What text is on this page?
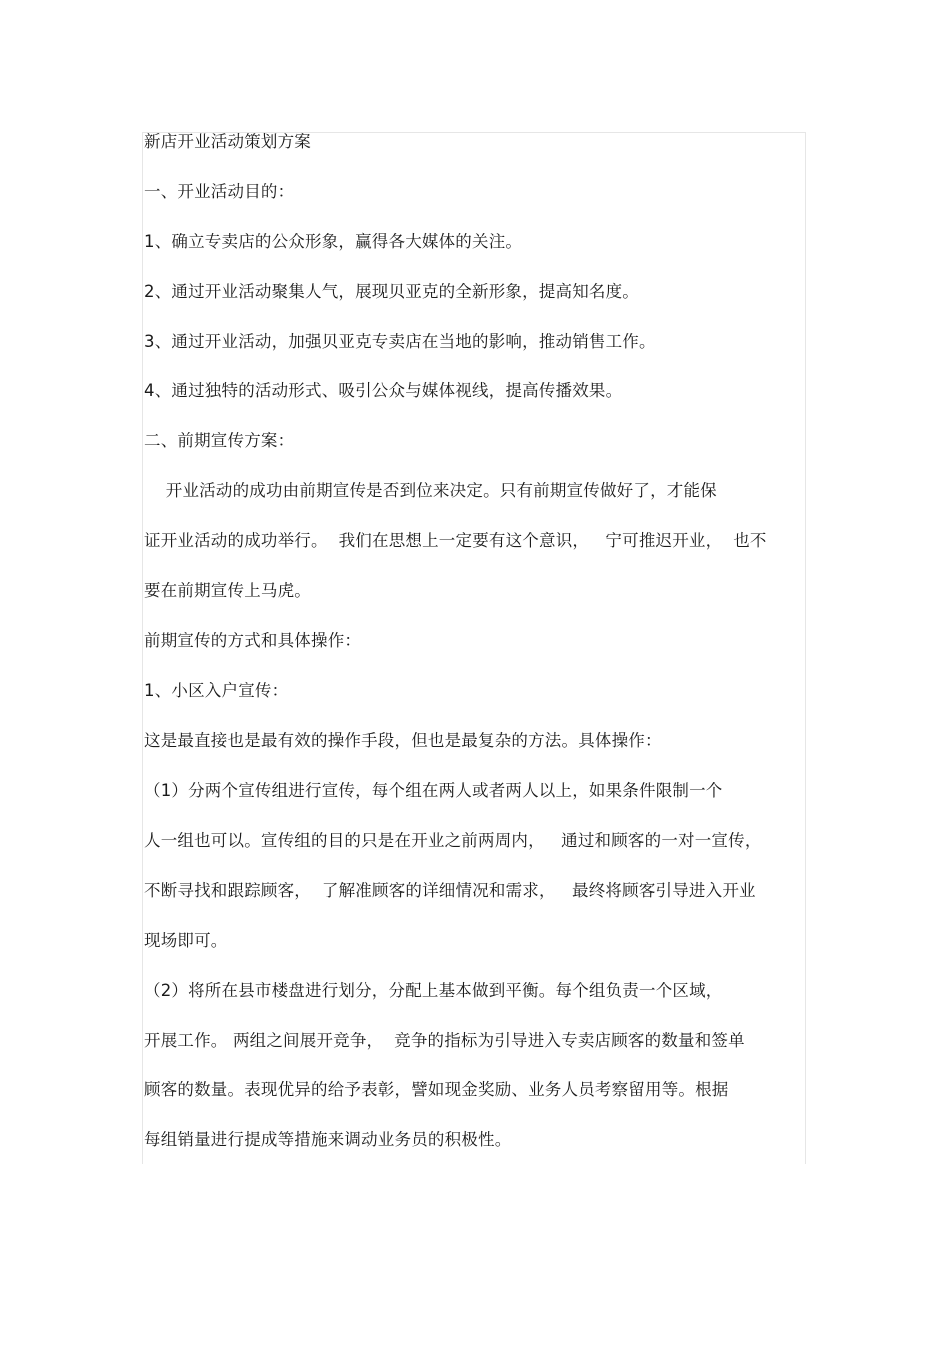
新店开业活动策划方案
一、开业活动目的：
1、确立专卖店的公众形象，赢得各大媒体的关注。
2、通过开业活动聚集人气，展现贝亚克的全新形象，提高知名度。
3、通过开业活动，加强贝亚克专卖店在当地的影响，推动销售工作。
4、通过独特的活动形式、吸引公众与媒体视线，提高传播效果。
二、前期宣传方案：
开业活动的成功由前期宣传是否到位来决定。只有前期宣传做好了，才能保
证开业活动的成功举行。  我们在思想上一定要有这个意识，   宁可推迟开业，  也不
要在前期宣传上马虎。
前期宣传的方式和具体操作：
1、小区入户宣传：
这是最直接也是最有效的操作手段，但也是最复杂的方法。具体操作：
（1）分两个宣传组进行宣传，每个组在两人或者两人以上，如果条件限制一个
人一组也可以。宣传组的目的只是在开业之前两周内，   通过和顾客的一对一宣传，
不断寻找和跟踪顾客，  了解准顾客的详细情况和需求，   最终将顾客引导进入开业
现场即可。
（2）将所在县市楼盘进行划分，分配上基本做到平衡。每个组负责一个区域，
开展工作。 两组之间展开竞争，  竞争的指标为引导进入专卖店顾客的数量和签单
顾客的数量。表现优异的给予表彰，譬如现金奖励、业务人员考察留用等。根据
每组销量进行提成等措施来调动业务员的积极性。
